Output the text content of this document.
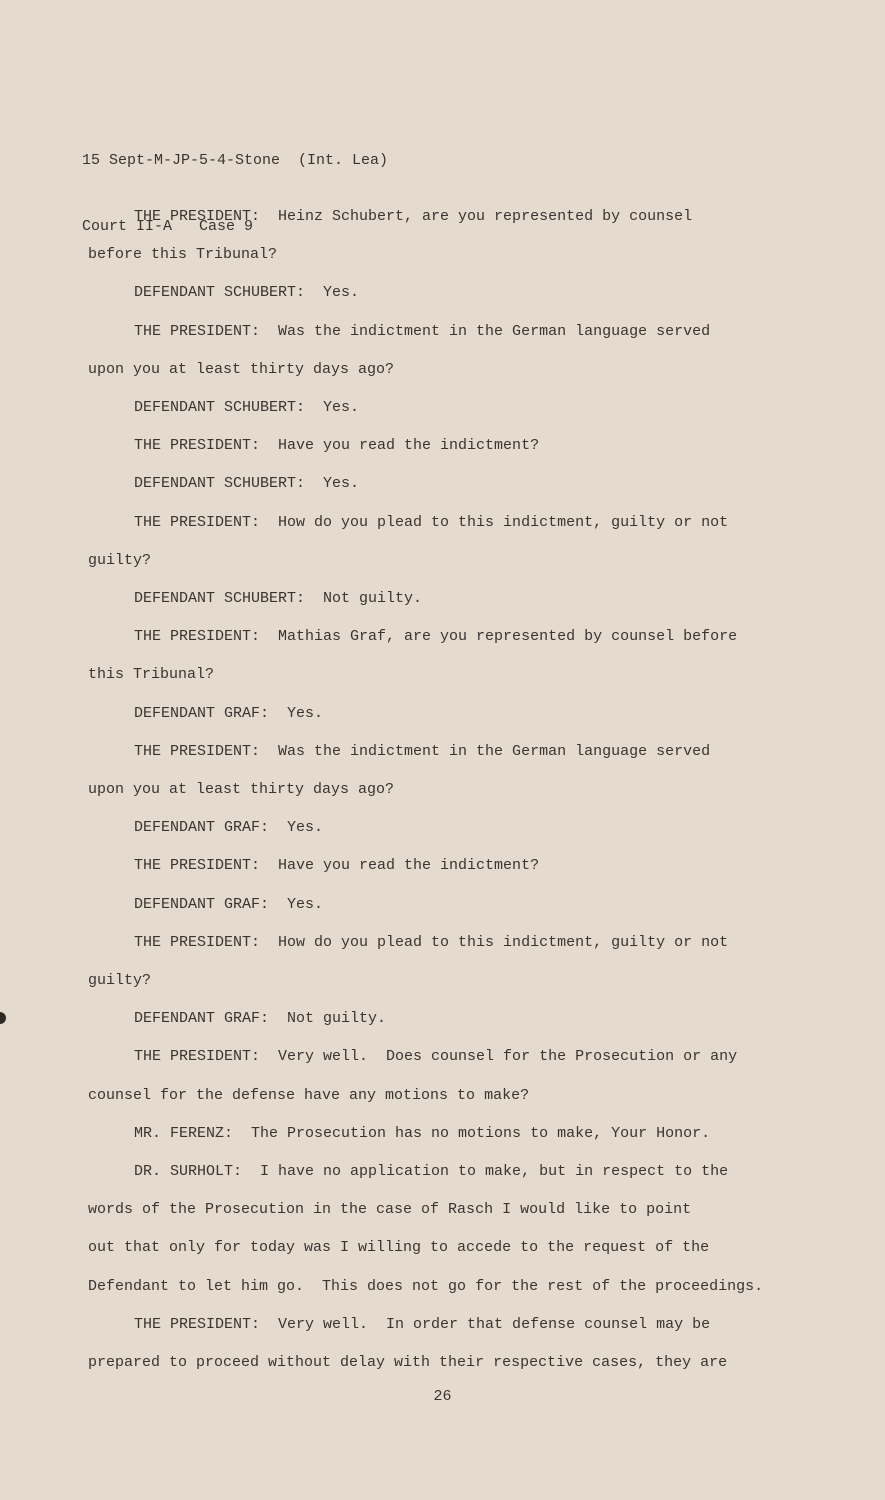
15 Sept-M-JP-5-4-Stone  (Int. Lea)

Court II-A   Case 9

THE PRESIDENT:  Heinz Schubert, are you represented by counsel

before this Tribunal?

DEFENDANT SCHUBERT:  Yes.

THE PRESIDENT:  Was the indictment in the German language served

upon you at least thirty days ago?

DEFENDANT SCHUBERT:  Yes.

THE PRESIDENT:  Have you read the indictment?

DEFENDANT SCHUBERT:  Yes.

THE PRESIDENT:  How do you plead to this indictment, guilty or not

guilty?

DEFENDANT SCHUBERT:  Not guilty.

THE PRESIDENT:  Mathias Graf, are you represented by counsel before

this Tribunal?

DEFENDANT GRAF:  Yes.

THE PRESIDENT:  Was the indictment in the German language served

upon you at least thirty days ago?

DEFENDANT GRAF:  Yes.

THE PRESIDENT:  Have you read the indictment?

DEFENDANT GRAF:  Yes.

THE PRESIDENT:  How do you plead to this indictment, guilty or not

guilty?

DEFENDANT GRAF:  Not guilty.

THE PRESIDENT:  Very well.  Does counsel for the Prosecution or any

counsel for the defense have any motions to make?

MR. FERENZ:  The Prosecution has no motions to make, Your Honor.

DR. SURHOLT:  I have no application to make, but in respect to the

words of the Prosecution in the case of Rasch I would like to point

out that only for today was I willing to accede to the request of the

Defendant to let him go.  This does not go for the rest of the proceedings.

THE PRESIDENT:  Very well.  In order that defense counsel may be

prepared to proceed without delay with their respective cases, they are

26
